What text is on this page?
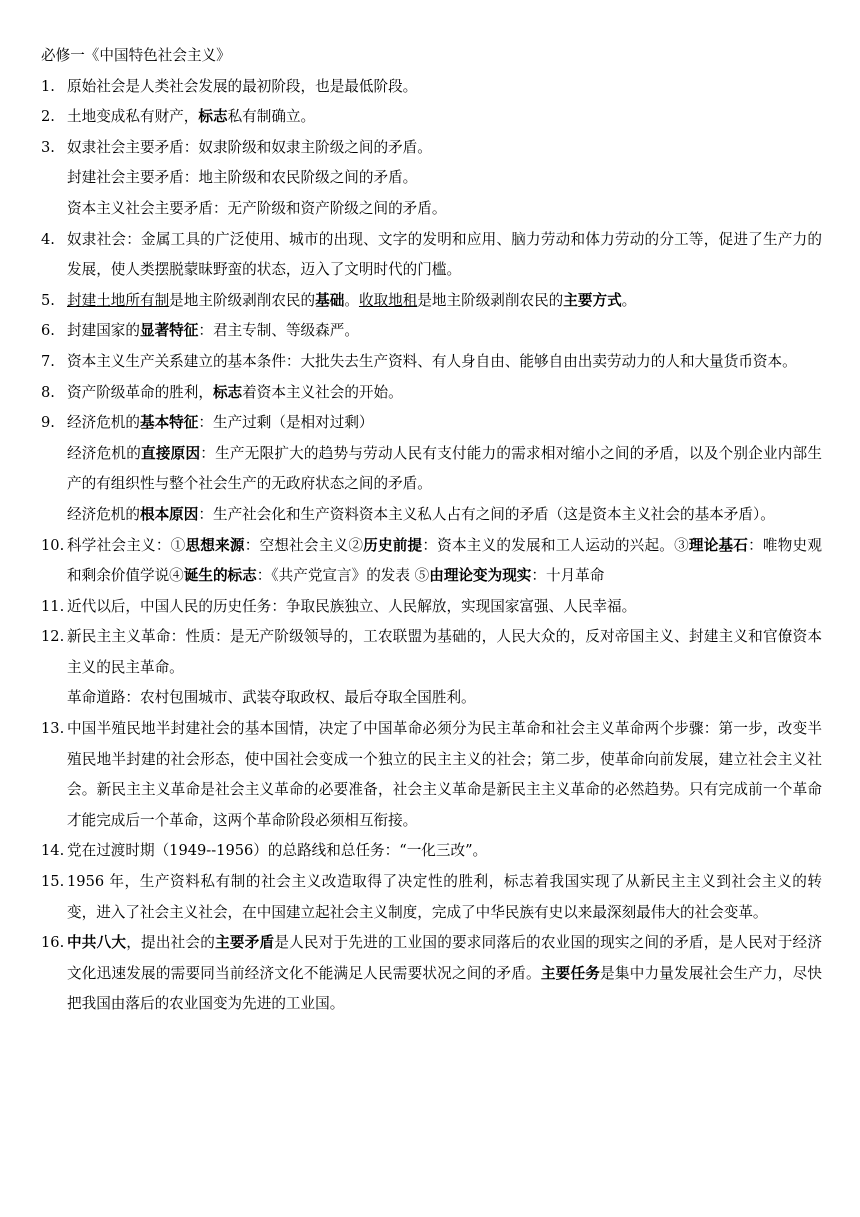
必修一《中国特色社会主义》

1. 原始社会是人类社会发展的最初阶段，也是最低阶段。

2. 土地变成私有财产，标志私有制确立。

3. 奴隶社会主要矛盾：奴隶阶级和奴隶主阶级之间的矛盾。

封建社会主要矛盾：地主阶级和农民阶级之间的矛盾。

资本主义社会主要矛盾：无产阶级和资产阶级之间的矛盾。

4. 奴隶社会：金属工具的广泛使用、城市的出现、文字的发明和应用、脑力劳动和体力劳动的分工等，促进了生产力的发展，使人类摆脱蒙昧野蛮的状态，迈入了文明时代的门槛。

5. 封建土地所有制是地主阶级剥削农民的基础。收取地租是地主阶级剥削农民的主要方式。

6. 封建国家的显著特征：君主专制、等级森严。

7. 资本主义生产关系建立的基本条件：大批失去生产资料、有人身自由、能够自由出卖劳动力的人和大量货币资本。

8. 资产阶级革命的胜利，标志着资本主义社会的开始。

9. 经济危机的基本特征：生产过剩（是相对过剩）

经济危机的直接原因：生产无限扩大的趋势与劳动人民有支付能力的需求相对缩小之间的矛盾，以及个别企业内部生产的有组织性与整个社会生产的无政府状态之间的矛盾。

经济危机的根本原因：生产社会化和生产资料资本主义私人占有之间的矛盾（这是资本主义社会的基本矛盾）。

10. 科学社会主义：①思想来源：空想社会主义②历史前提：资本主义的发展和工人运动的兴起。③理论基石：唯物史观和剩余价值学说④诞生的标志：《共产党宣言》的发表 ⑤由理论变为现实：十月革命

11. 近代以后，中国人民的历史任务：争取民族独立、人民解放，实现国家富强、人民幸福。

12. 新民主主义革命：性质：是无产阶级领导的，工农联盟为基础的，人民大众的，反对帝国主义、封建主义和官僚资本主义的民主革命。

革命道路：农村包围城市、武装夺取政权、最后夺取全国胜利。

13. 中国半殖民地半封建社会的基本国情，决定了中国革命必须分为民主革命和社会主义革命两个步骤：第一步，改变半殖民地半封建的社会形态，使中国社会变成一个独立的民主主义的社会；第二步，使革命向前发展，建立社会主义社会。新民主主义革命是社会主义革命的必要准备，社会主义革命是新民主主义革命的必然趋势。只有完成前一个革命才能完成后一个革命，这两个革命阶段必须相互衔接。

14. 党在过渡时期（1949--1956）的总路线和总任务：“一化三改”。

15. 1956 年，生产资料私有制的社会主义改造取得了决定性的胜利，标志着我国实现了从新民主主义到社会主义的转变，进入了社会主义社会，在中国建立起社会主义制度，完成了中华民族有史以来最深刻最伟大的社会变革。

16. 中共八大，提出社会的主要矛盾是人民对于先进的工业国的要求同落后的农业国的现实之间的矛盾，是人民对于经济文化迅速发展的需要同当前经济文化不能满足人民需要状况之间的矛盾。主要任务是集中力量发展社会生产力，尽快把我国由落后的农业国变为先进的工业国。
